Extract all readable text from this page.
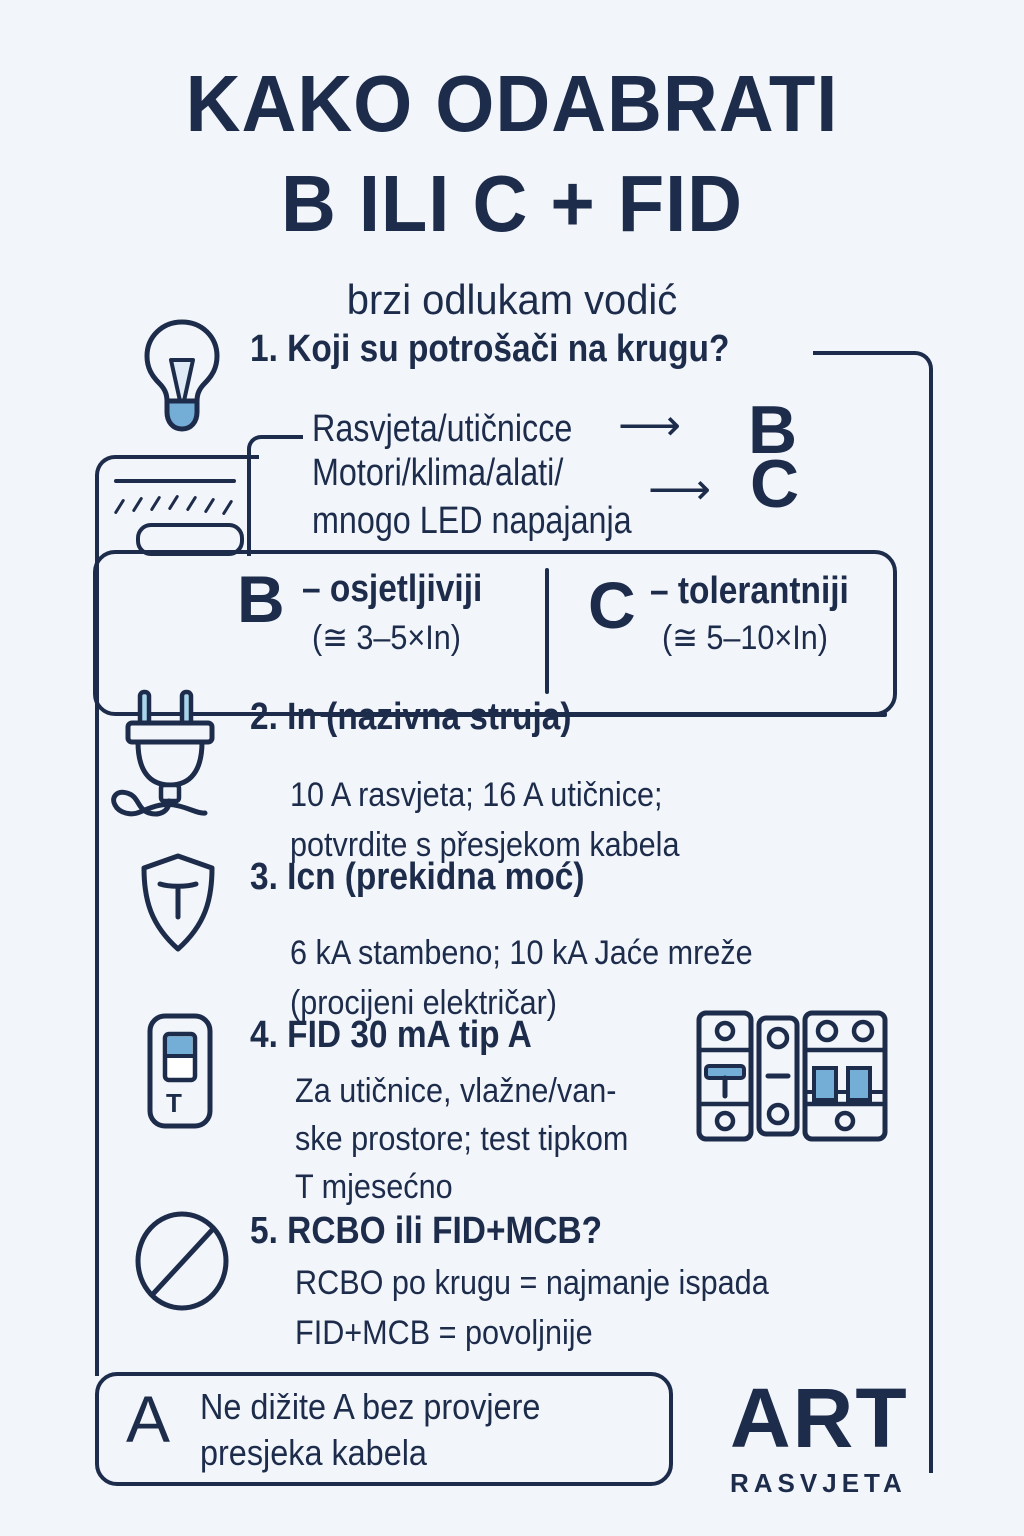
KAKO ODABRATI
B ILI C + FID
brzi odlukam vodić
1. Koji su potrošači na krugu?
Rasvjeta/utičnicce ⟶ B
Motori/klima/alati/
mnogo LED napajanja
⟶ C
B – osjetljiviji
(≅ 3–5×In) C – tolerantniji
(≅ 5–10×In)
2. In (nazivna struja)
10 A rasvjeta; 16 A utičnice;
potvrdite s přesjekom kabela
3. Icn (prekidna moć)
6 kA stambeno; 10 kA Jaće mreže
(procijeni električar)
T
4. FID 30 mA tip A
Za utičnice, vlažne/van-
ske prostore; test tipkom
T mjesećno
5. RCBO ili FID+MCB?
RCBO po krugu = najmanje ispada
FID+MCB = povoljnije
A Ne dižite A bez provjere
presjeka kabela	ART
RASVJETA
